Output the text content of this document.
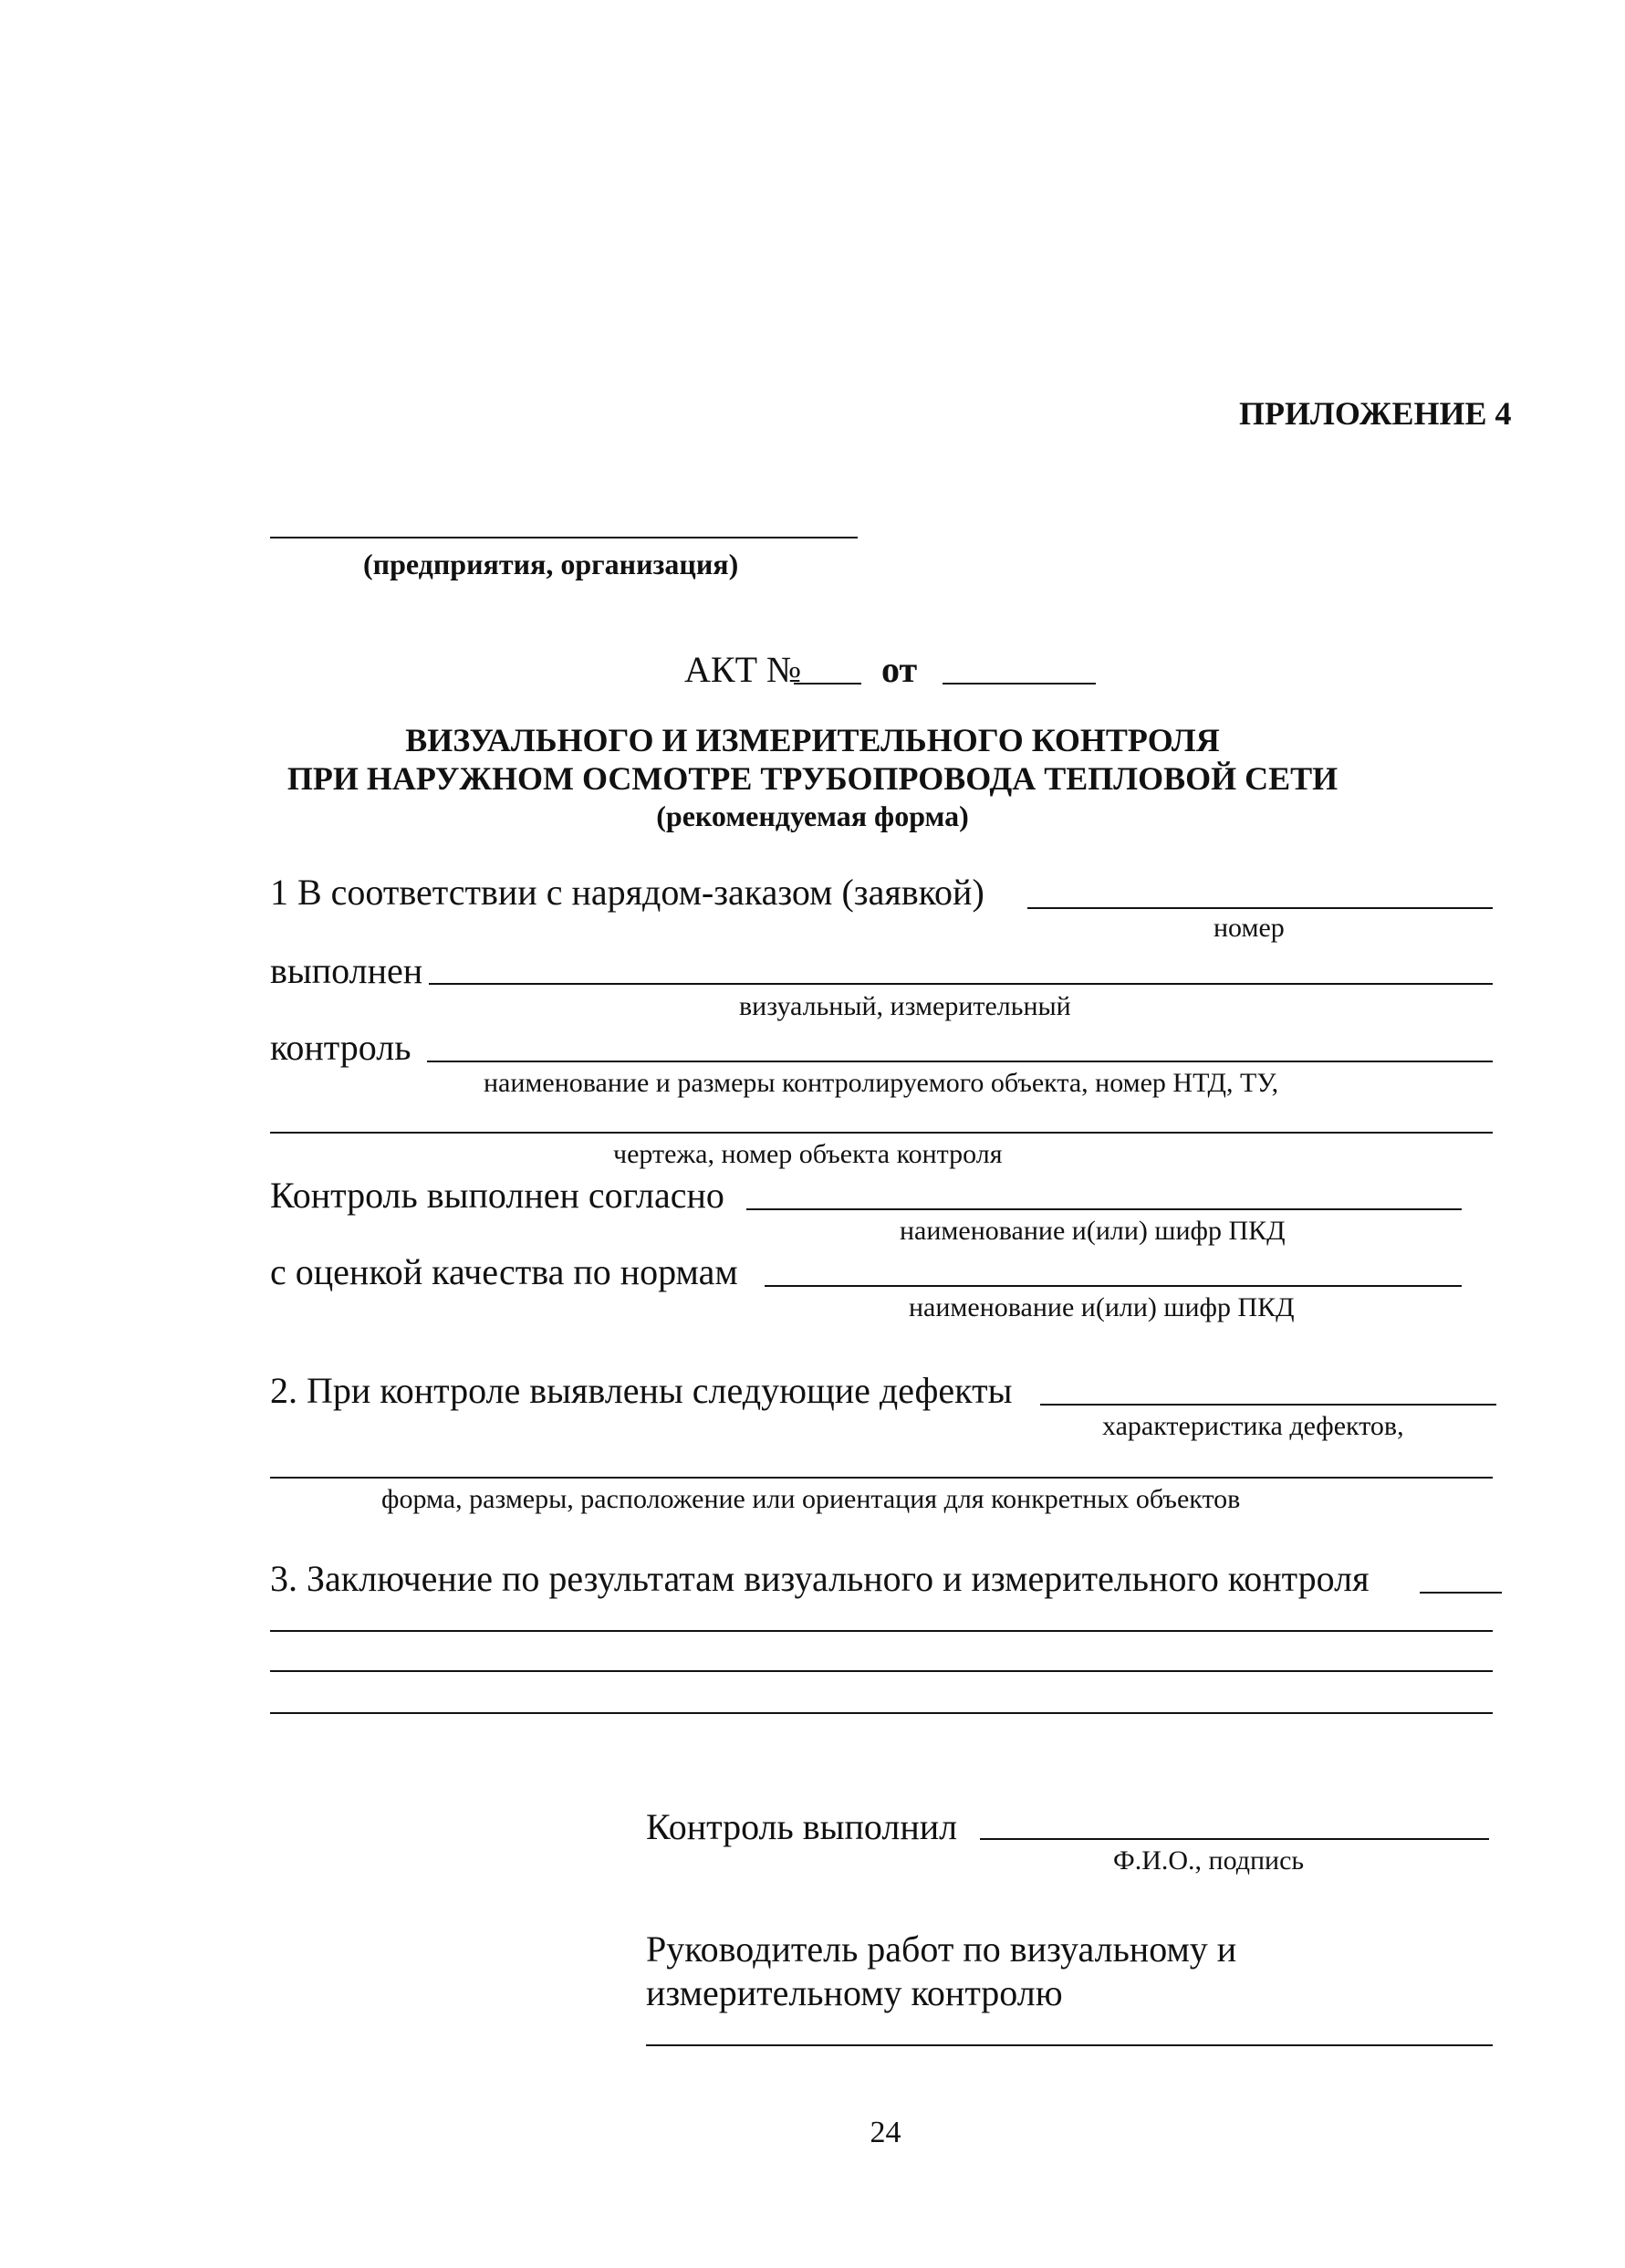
ПРИЛОЖЕНИЕ 4
(предприятия, организация)
АКТ № от
ВИЗУАЛЬНОГО И ИЗМЕРИТЕЛЬНОГО КОНТРОЛЯ
ПРИ НАРУЖНОМ ОСМОТРЕ ТРУБОПРОВОДА ТЕПЛОВОЙ СЕТИ
(рекомендуемая форма)
1 В соответствии с нарядом-заказом (заявкой)
номер
выполнен
визуальный, измерительный
контроль
наименование и размеры контролируемого объекта, номер НТД, ТУ,
чертежа, номер объекта контроля
Контроль выполнен согласно
наименование и(или) шифр ПКД
с оценкой качества по нормам
наименование и(или) шифр ПКД
2. При контроле выявлены следующие дефекты
характеристика дефектов,
форма, размеры, расположение или ориентация для конкретных объектов
3. Заключение по результатам визуального и измерительного контроля
Контроль выполнил
Ф.И.О., подпись
Руководитель работ по визуальному и
измерительному контролю
24
